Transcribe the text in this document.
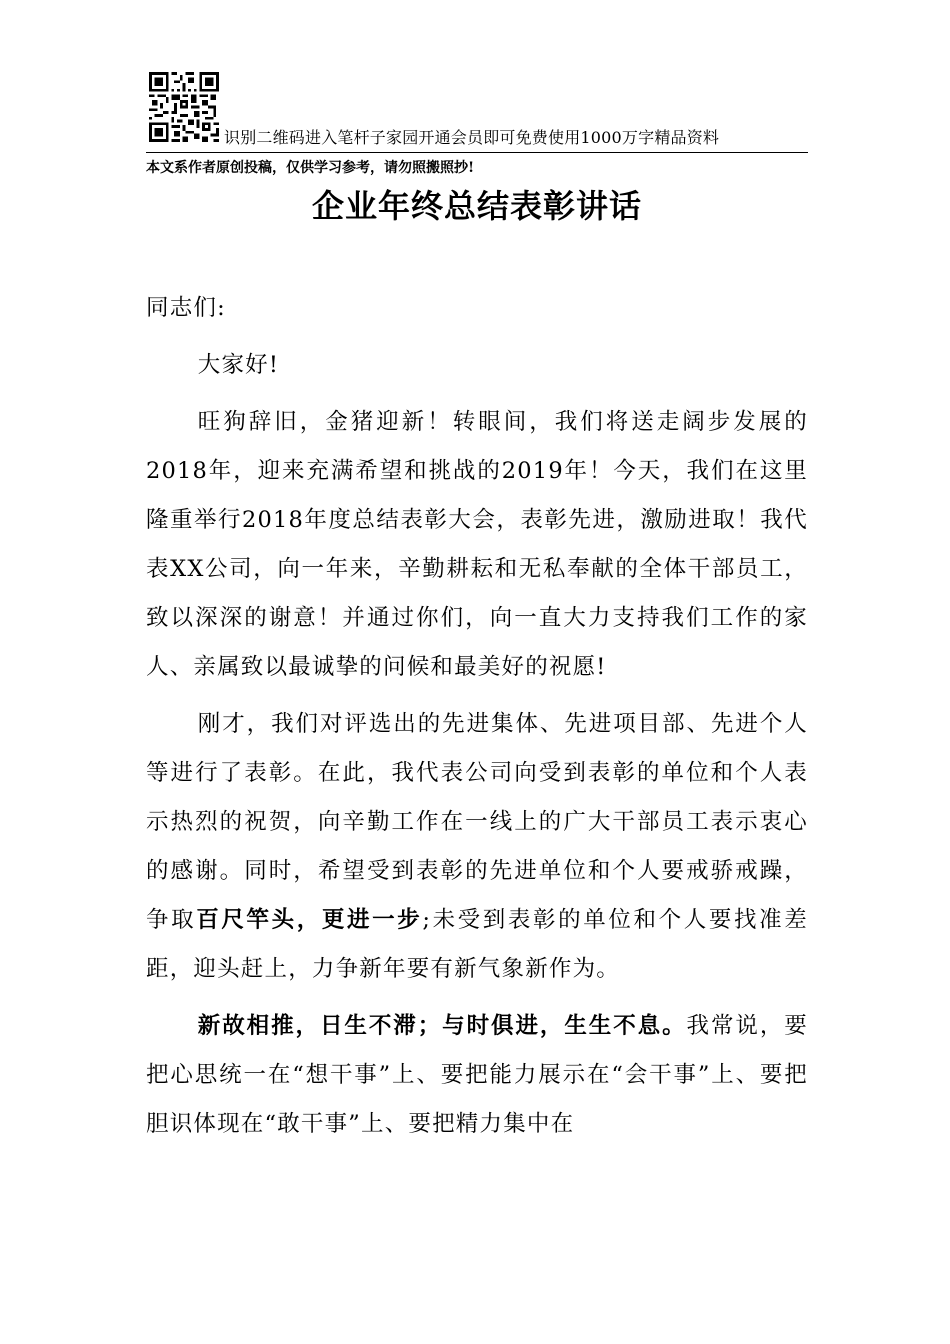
识别二维码进入笔杆子家园开通会员即可免费使用1000万字精品资料
本文系作者原创投稿，仅供学习参考，请勿照搬照抄!
企业年终总结表彰讲话

同志们:

大家好!

旺狗辞旧，金猪迎新！转眼间，我们将送走阔步发展的2018年，迎来充满希望和挑战的2019年！今天，我们在这里隆重举行2018年度总结表彰大会，表彰先进，激励进取！我代表XX公司，向一年来，辛勤耕耘和无私奉献的全体干部员工，致以深深的谢意！并通过你们，向一直大力支持我们工作的家人、亲属致以最诚挚的问候和最美好的祝愿!

刚才，我们对评选出的先进集体、先进项目部、先进个人等进行了表彰。在此，我代表公司向受到表彰的单位和个人表示热烈的祝贺，向辛勤工作在一线上的广大干部员工表示衷心的感谢。同时，希望受到表彰的先进单位和个人要戒骄戒躁，争取百尺竿头，更进一步;未受到表彰的单位和个人要找准差距，迎头赶上，力争新年要有新气象新作为。

新故相推，日生不滞；与时俱进，生生不息。我常说，要把心思统一在“想干事”上、要把能力展示在“会干事”上、要把胆识体现在“敢干事”上、要把精力集中在
